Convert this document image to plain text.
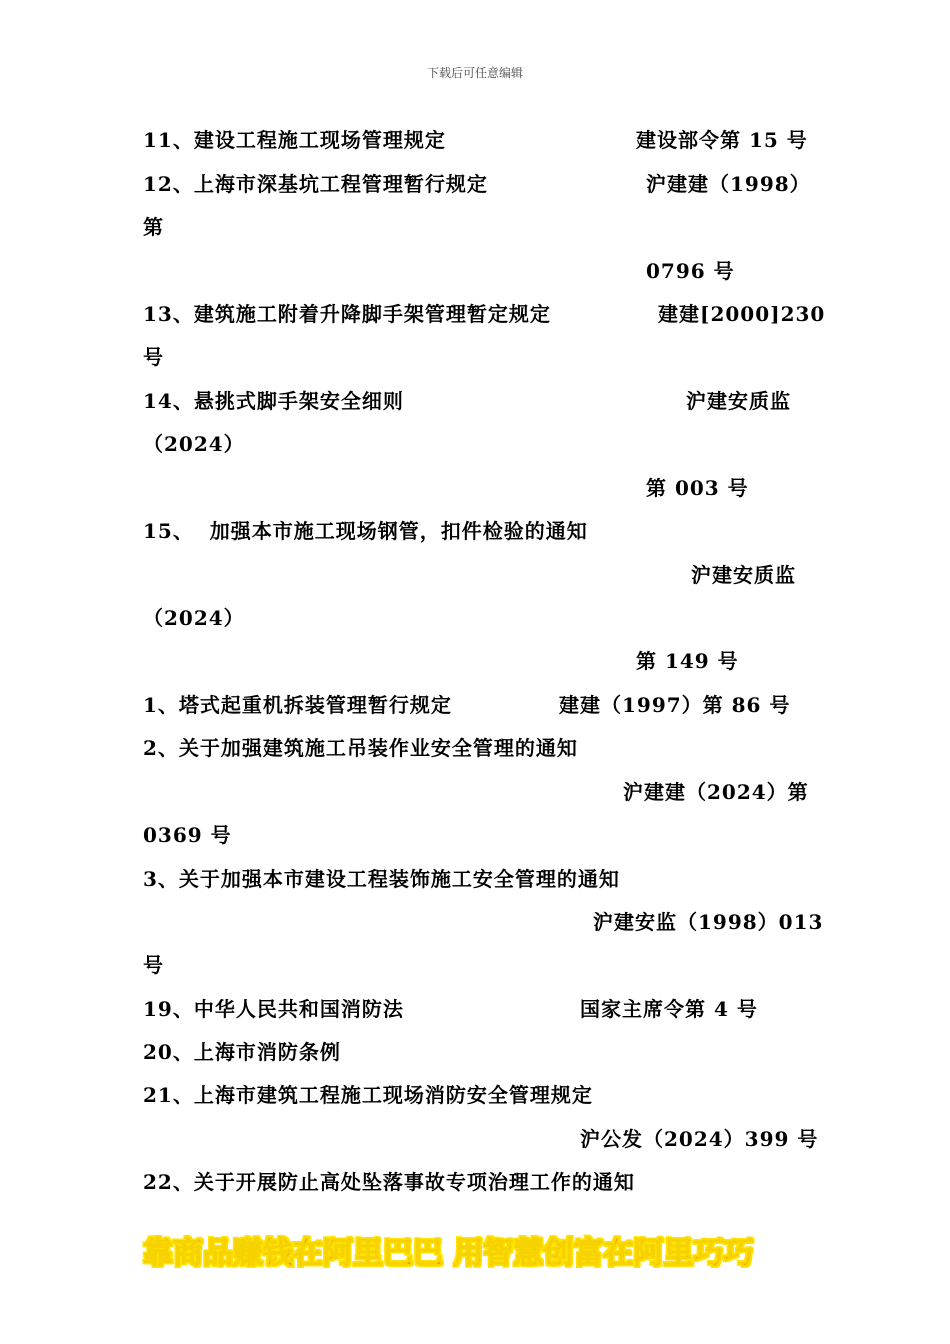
下载后可任意编辑
11、建设工程施工现场管理规定	建设部令第 15 号
12、上海市深基坑工程管理暂行规定	沪建建（1998）
第
0796 号
13、建筑施工附着升降脚手架管理暂定规定	建建[2000]230
号
14、悬挑式脚手架安全细则	沪建安质监
（2024）
第 003 号
15、  加强本市施工现场钢管，扣件检验的通知
沪建安质监
（2024）
第 149 号
1、塔式起重机拆装管理暂行规定	建建（1997）第 86 号
2、关于加强建筑施工吊装作业安全管理的通知
沪建建（2024）第
0369 号
3、关于加强本市建设工程装饰施工安全管理的通知
沪建安监（1998）013
号
19、中华人民共和国消防法	国家主席令第 4 号
20、上海市消防条例
21、上海市建筑工程施工现场消防安全管理规定
沪公发（2024）399 号
22、关于开展防止高处坠落事故专项治理工作的通知
靠商品赚钱在阿里巴巴 用智慧创富在阿里巧巧
